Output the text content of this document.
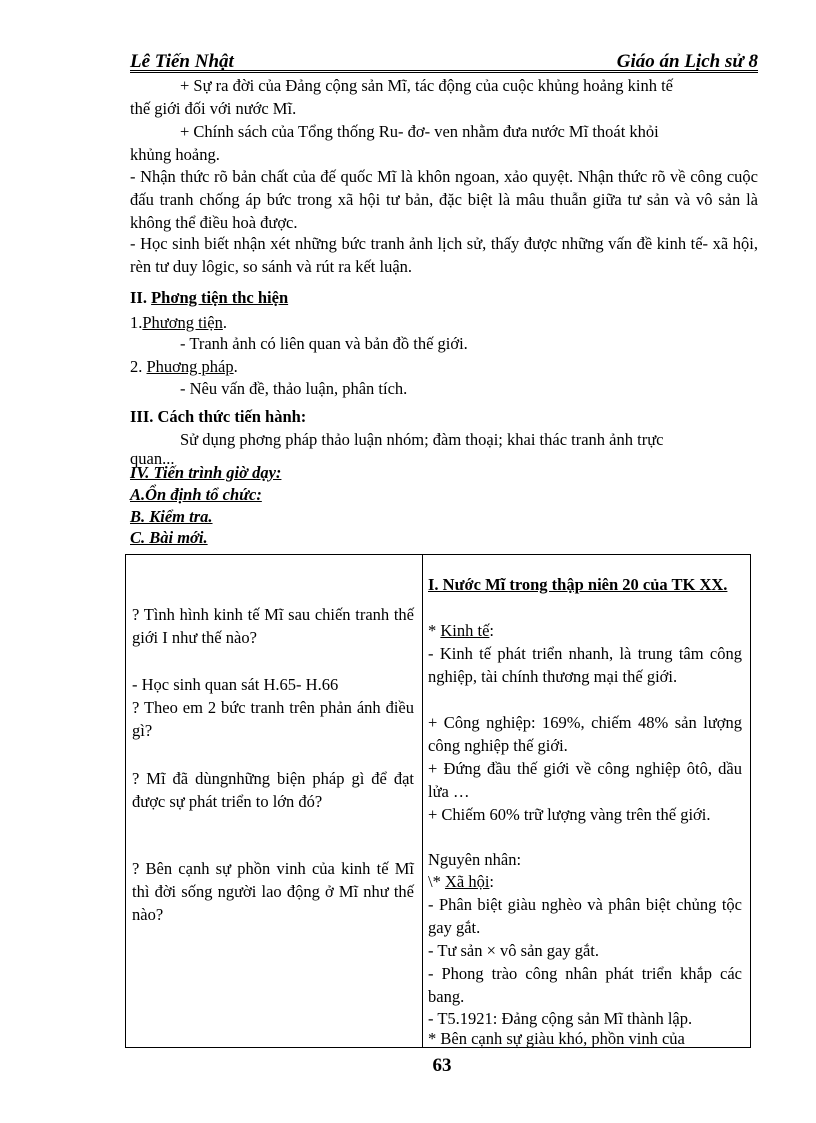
Lê Tiến Nhật	Giáo án Lịch sử 8
+ Sự ra đời của Đảng cộng sản Mĩ, tác động của cuộc khủng hoảng kinh tế
thế giới đối với nước Mĩ.
+ Chính sách của Tổng thống Ru- đơ- ven nhằm đưa nước Mĩ thoát khỏi
khủng hoảng.
- Nhận thức rõ bản chất của đế quốc Mĩ là khôn ngoan, xảo quyệt. Nhận thức rõ về công cuộc đấu tranh chống áp bức trong xã hội tư bản, đặc biệt là mâu thuẫn giữa tư sản và vô sản là không thể điều hoà được.
- Học sinh biết nhận xét những bức tranh ảnh lịch sử, thấy được những vấn đề kinh tế- xã hội, rèn tư duy lôgic, so sánh và rút ra kết luận.
II. Phơng tiện thc hiện
1.Phương tiện.
- Tranh ảnh có liên quan và bản đồ thế giới.
2. Phuơng pháp.
- Nêu vấn đề, thảo luận, phân tích.
III. Cách thức tiến hành:
Sử dụng phơng pháp thảo luận nhóm; đàm thoại; khai thác tranh ảnh trực
quan...
IV. Tiến trình giờ dạy:
A.Ổn định tổ chức:
B. Kiểm tra.
C. Bài mới.
? Tình hình kinh tế Mĩ sau chiến tranh thế giới I như thế nào?
- Học sinh quan sát H.65- H.66
? Theo em 2 bức tranh trên phản ánh điều gì?
? Mĩ đã dùngnhững biện pháp gì để đạt được sự phát triển to lớn đó?
? Bên cạnh sự phồn vinh của kinh tế Mĩ thì đời sống người lao động ở Mĩ như thế nào?
I. Nước Mĩ trong thập niên 20 của TK XX.
* Kinh tế:
- Kinh tế phát triển nhanh, là trung tâm công nghiệp, tài chính thương mại thế giới.
+ Công nghiệp: 169%, chiếm 48% sản lượng công nghiệp thế giới.
+ Đứng đầu thế giới về công nghiệp ôtô, dầu lửa …
+ Chiếm 60% trữ lượng vàng trên thế giới.
Nguyên nhân:
\* Xã hội:
- Phân biệt giàu nghèo và phân biệt chủng tộc gay gắt.
- Tư sản × vô sản gay gắt.
- Phong trào công nhân phát triển khắp các bang.
- T5.1921: Đảng cộng sản Mĩ thành lập.
* Bên cạnh sự giàu khó, phồn vinh của
63
